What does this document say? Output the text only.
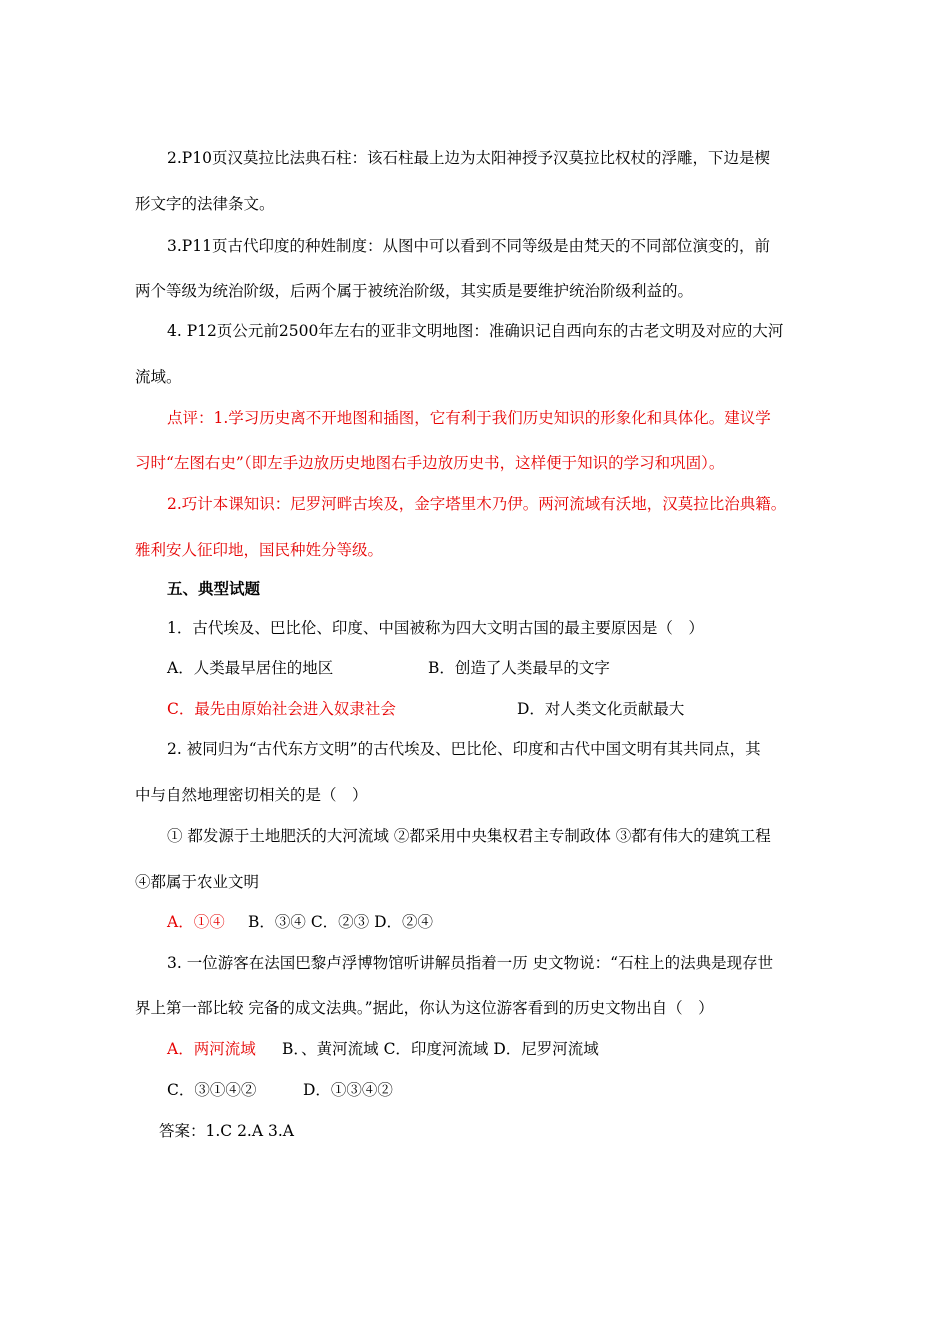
2.P10页汉莫拉比法典石柱：该石柱最上边为太阳神授予汉莫拉比权杖的浮雕，下边是楔
形文字的法律条文。
3.P11页古代印度的种姓制度：从图中可以看到不同等级是由梵天的不同部位演变的，前
两个等级为统治阶级，后两个属于被统治阶级，其实质是要维护统治阶级利益的。
4. P12页公元前2500年左右的亚非文明地图：准确识记自西向东的古老文明及对应的大河
流域。
点评：1.学习历史离不开地图和插图，它有利于我们历史知识的形象化和具体化。建议学
习时“左图右史”（即左手边放历史地图右手边放历史书，这样便于知识的学习和巩固）。
2.巧计本课知识：尼罗河畔古埃及，金字塔里木乃伊。两河流域有沃地，汉莫拉比治典籍。
雅利安人征印地，国民种姓分等级。
五、典型试题
1．古代埃及、巴比伦、印度、中国被称为四大文明古国的最主要原因是（　）
A．人类最早居住的地区	B．创造了人类最早的文字
C．最先由原始社会进入奴隶社会	D．对人类文化贡献最大
2. 被同归为“古代东方文明”的古代埃及、巴比伦、印度和古代中国文明有其共同点，其
中与自然地理密切相关的是（　）
① 都发源于土地肥沃的大河流域 ②都采用中央集权君主专制政体 ③都有伟大的建筑工程
④都属于农业文明
A．①④ B．③④ C．②③ D．②④
3. 一位游客在法国巴黎卢浮博物馆听讲解员指着一历 史文物说：“石柱上的法典是现存世
界上第一部比较 完备的成文法典。”据此，你认为这位游客看到的历史文物出自（　）
A．两河流域 B．、黄河流域 C．印度河流域 D．尼罗河流域
C．③①④②	D．①③④②
答案：1.C 2.A 3.A
